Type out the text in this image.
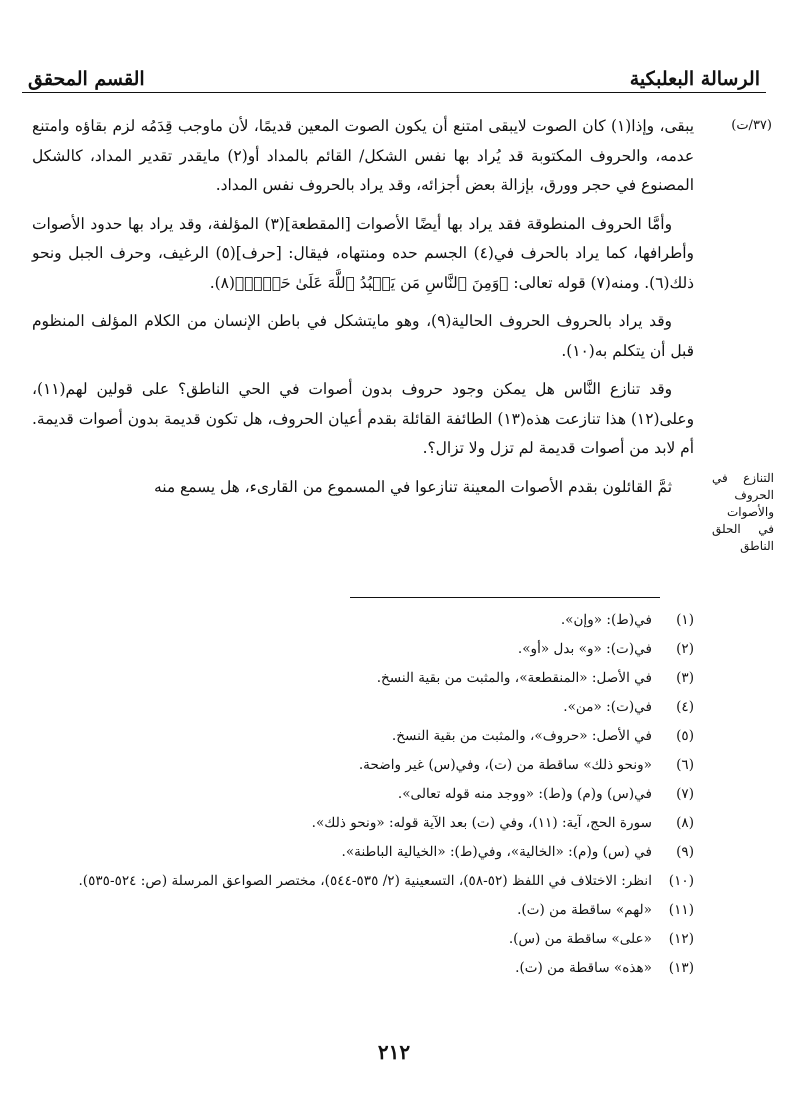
الرسالة البعلبكية
القسم المحقق
(٣٧/ت)
التنازع في الحروف والأصوات في الحلق الناطق

يبقى، وإذا(١) كان الصوت لايبقى امتنع أن يكون الصوت المعين قديمًا، لأن ماوجب قِدَمُه لزم بقاؤه وامتنع عدمه، والحروف المكتوبة قد يُراد بها نفس الشكل/ القائم بالمداد أو(٢) مايقدر تقدير المداد، كالشكل المصنوع في حجر وورق، بإزالة بعض أجزائه، وقد يراد بالحروف نفس المداد.

وأمَّا الحروف المنطوقة فقد يراد بها أيضًا الأصوات [المقطعة](٣) المؤلفة، وقد يراد بها حدود الأصوات وأطرافها، كما يراد بالحرف في(٤) الجسم حده ومنتهاه، فيقال: [حرف](٥) الرغيف، وحرف الجبل ونحو ذلك(٦). ومنه(٧) قوله تعالى: ﴿وَمِنَ ٱلنَّاسِ مَن يَعۡبُدُ ٱللَّهَ عَلَىٰ حَرۡفٖ﴾(٨).

وقد يراد بالحروف الحروف الحالية(٩)، وهو مايتشكل في باطن الإنسان من الكلام المؤلف المنظوم قبل أن يتكلم به(١٠).

وقد تنازع النَّاس هل يمكن وجود حروف بدون أصوات في الحي الناطق؟ على قولين لهم(١١)، وعلى(١٢) هذا تنازعت هذه(١٣) الطائفة القائلة بقدم أعيان الحروف، هل تكون قديمة بدون أصوات قديمة. أم لابد من أصوات قديمة لم تزل ولا تزال؟.

ثمَّ القائلون بقدم الأصوات المعينة تنازعوا في المسموع من القارىء، هل يسمع منه

(١)
في(ط): «وإن».
(٢)
في(ت): «و» بدل «أو».
(٣)
في الأصل: «المنقطعة»، والمثبت من بقية النسخ.
(٤)
في(ت): «من».
(٥)
في الأصل: «حروف»، والمثبت من بقية النسخ.
(٦)
«ونحو ذلك» ساقطة من (ت)، وفي(س) غير واضحة.
(٧)
في(س) و(م) و(ط): «ووجد منه قوله تعالى».
(٨)
سورة الحج، آية: (١١)، وفي (ت) بعد الآية قوله: «ونحو ذلك».
(٩)
في (س) و(م): «الخالية»، وفي(ط): «الخيالية الباطنة».
(١٠)
انظر: الاختلاف في اللفظ (٥٢-٥٨)، التسعينية (٢/ ٥٣٥-٥٤٤)، مختصر الصواعق المرسلة (ص: ٥٢٤-٥٣٥).
(١١)
«لهم» ساقطة من (ت).
(١٢)
«على» ساقطة من (س).
(١٣)
«هذه» ساقطة من (ت).
٢١٢
